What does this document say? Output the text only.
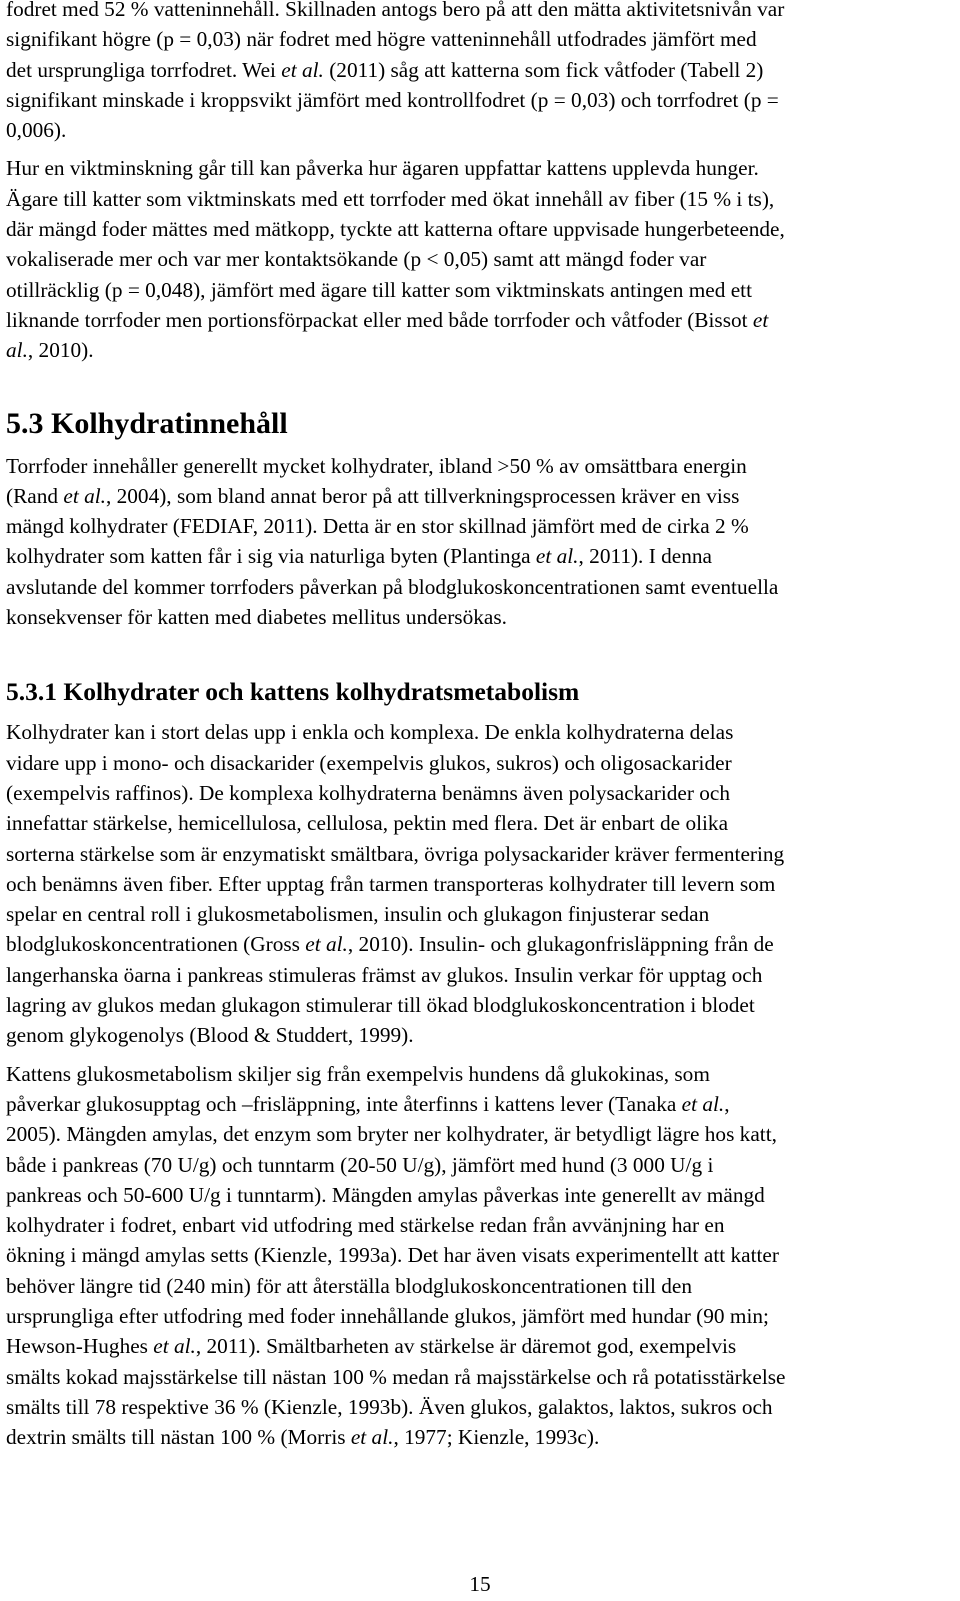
fodret med 52 % vatteninnehåll. Skillnaden antogs bero på att den mätta aktivitetsnivån var
signifikant högre (p = 0,03) när fodret med högre vatteninnehåll utfodrades jämfört med
det ursprungliga torrfodret. Wei et al. (2011) såg att katterna som fick våtfoder (Tabell 2)
signifikant minskade i kroppsvikt jämfört med kontrollfodret (p = 0,03) och torrfodret (p =
0,006).

Hur en viktminskning går till kan påverka hur ägaren uppfattar kattens upplevda hunger.
Ägare till katter som viktminskats med ett torrfoder med ökat innehåll av fiber (15 % i ts),
där mängd foder mättes med mätkopp, tyckte att katterna oftare uppvisade hungerbeteende,
vokaliserade mer och var mer kontaktsökande (p < 0,05) samt att mängd foder var
otillräcklig (p = 0,048), jämfört med ägare till katter som viktminskats antingen med ett
liknande torrfoder men portionsförpackat eller med både torrfoder och våtfoder (Bissot et
al., 2010).

5.3 Kolhydratinnehåll

Torrfoder innehåller generellt mycket kolhydrater, ibland >50 % av omsättbara energin
(Rand et al., 2004), som bland annat beror på att tillverkningsprocessen kräver en viss
mängd kolhydrater (FEDIAF, 2011). Detta är en stor skillnad jämfört med de cirka 2 %
kolhydrater som katten får i sig via naturliga byten (Plantinga et al., 2011). I denna
avslutande del kommer torrfoders påverkan på blodglukoskoncentrationen samt eventuella
konsekvenser för katten med diabetes mellitus undersökas.

5.3.1 Kolhydrater och kattens kolhydratsmetabolism

Kolhydrater kan i stort delas upp i enkla och komplexa. De enkla kolhydraterna delas
vidare upp i mono- och disackarider (exempelvis glukos, sukros) och oligosackarider
(exempelvis raffinos). De komplexa kolhydraterna benämns även polysackarider och
innefattar stärkelse, hemicellulosa, cellulosa, pektin med flera. Det är enbart de olika
sorterna stärkelse som är enzymatiskt smältbara, övriga polysackarider kräver fermentering
och benämns även fiber. Efter upptag från tarmen transporteras kolhydrater till levern som
spelar en central roll i glukosmetabolismen, insulin och glukagon finjusterar sedan
blodglukoskoncentrationen (Gross et al., 2010). Insulin- och glukagonfrisläppning från de
langerhanska öarna i pankreas stimuleras främst av glukos. Insulin verkar för upptag och
lagring av glukos medan glukagon stimulerar till ökad blodglukoskoncentration i blodet
genom glykogenolys (Blood & Studdert, 1999).

Kattens glukosmetabolism skiljer sig från exempelvis hundens då glukokinas, som
påverkar glukosupptag och –frisläppning, inte återfinns i kattens lever (Tanaka et al.,
2005). Mängden amylas, det enzym som bryter ner kolhydrater, är betydligt lägre hos katt,
både i pankreas (70 U/g) och tunntarm (20-50 U/g), jämfört med hund (3 000 U/g i
pankreas och 50-600 U/g i tunntarm). Mängden amylas påverkas inte generellt av mängd
kolhydrater i fodret, enbart vid utfodring med stärkelse redan från avvänjning har en
ökning i mängd amylas setts (Kienzle, 1993a). Det har även visats experimentellt att katter
behöver längre tid (240 min) för att återställa blodglukoskoncentrationen till den
ursprungliga efter utfodring med foder innehållande glukos, jämfört med hundar (90 min;
Hewson-Hughes et al., 2011). Smältbarheten av stärkelse är däremot god, exempelvis
smälts kokad majsstärkelse till nästan 100 % medan rå majsstärkelse och rå potatisstärkelse
smälts till 78 respektive 36 % (Kienzle, 1993b). Även glukos, galaktos, laktos, sukros och
dextrin smälts till nästan 100 % (Morris et al., 1977; Kienzle, 1993c).

15
